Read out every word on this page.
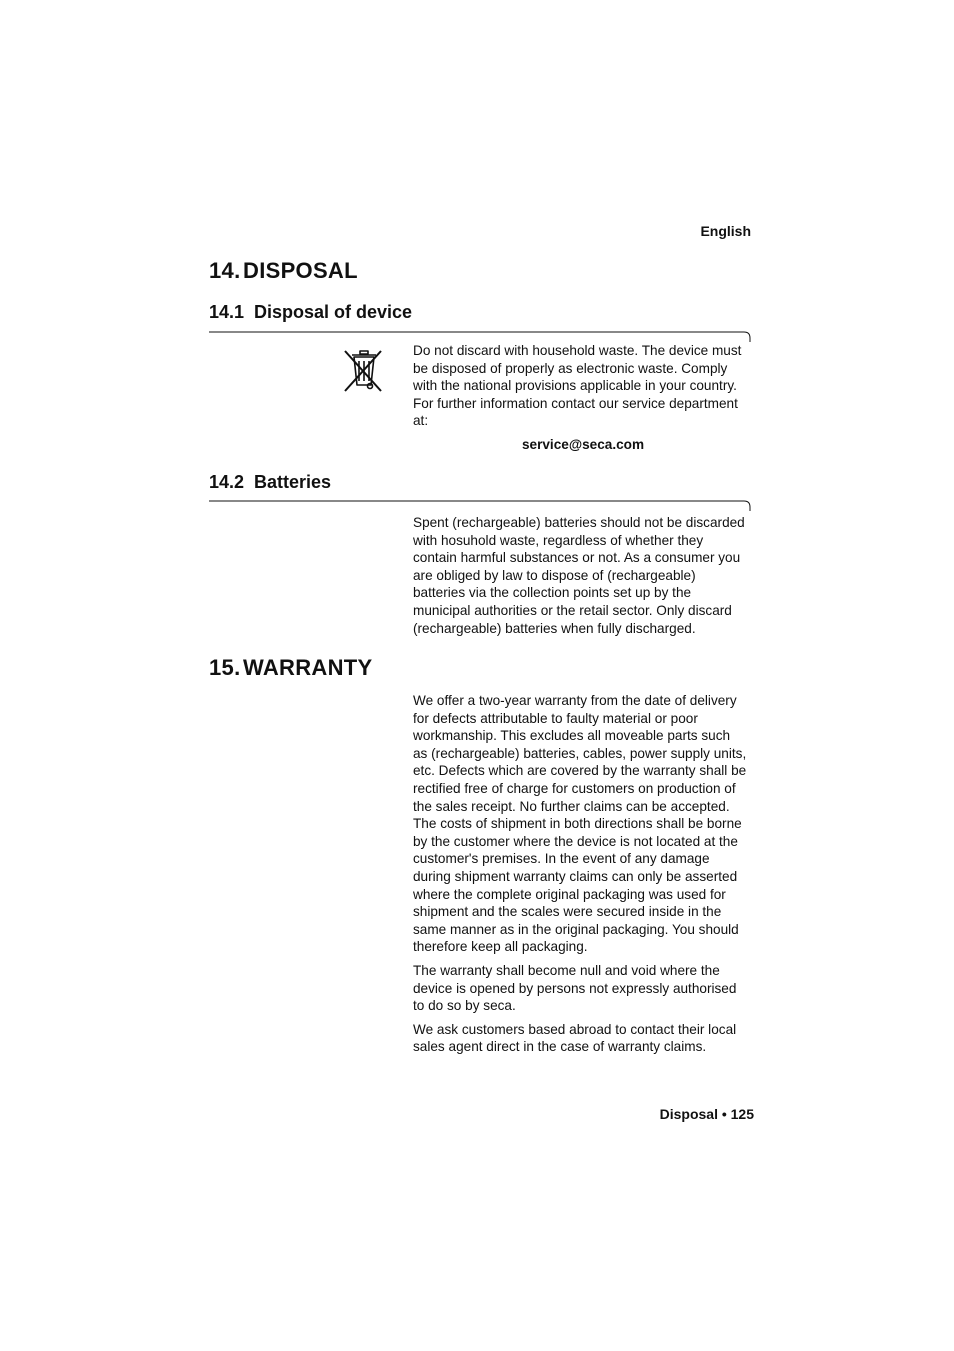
English
14. DISPOSAL
14.1 Disposal of device
Do not discard with household waste. The device must
be disposed of properly as electronic waste. Comply
with the national provisions applicable in your country.
For further information contact our service department
at:
service@seca.com
14.2 Batteries
Spent (rechargeable) batteries should not be discarded
with hosuhold waste, regardless of whether they
contain harmful substances or not. As a consumer you
are obliged by law to dispose of (rechargeable)
batteries via the collection points set up by the
municipal authorities or the retail sector. Only discard
(rechargeable) batteries when fully discharged.
15. WARRANTY

We offer a two-year warranty from the date of delivery
for defects attributable to faulty material or poor
workmanship. This excludes all moveable parts such
as (rechargeable) batteries, cables, power supply units,
etc. Defects which are covered by the warranty shall be
rectified free of charge for customers on production of
the sales receipt. No further claims can be accepted.
The costs of shipment in both directions shall be borne
by the customer where the device is not located at the
customer's premises. In the event of any damage
during shipment warranty claims can only be asserted
where the complete original packaging was used for
shipment and the scales were secured inside in the
same manner as in the original packaging. You should
therefore keep all packaging.

The warranty shall become null and void where the
device is opened by persons not expressly authorised
to do so by seca.

We ask customers based abroad to contact their local
sales agent direct in the case of warranty claims.

Disposal • 125
